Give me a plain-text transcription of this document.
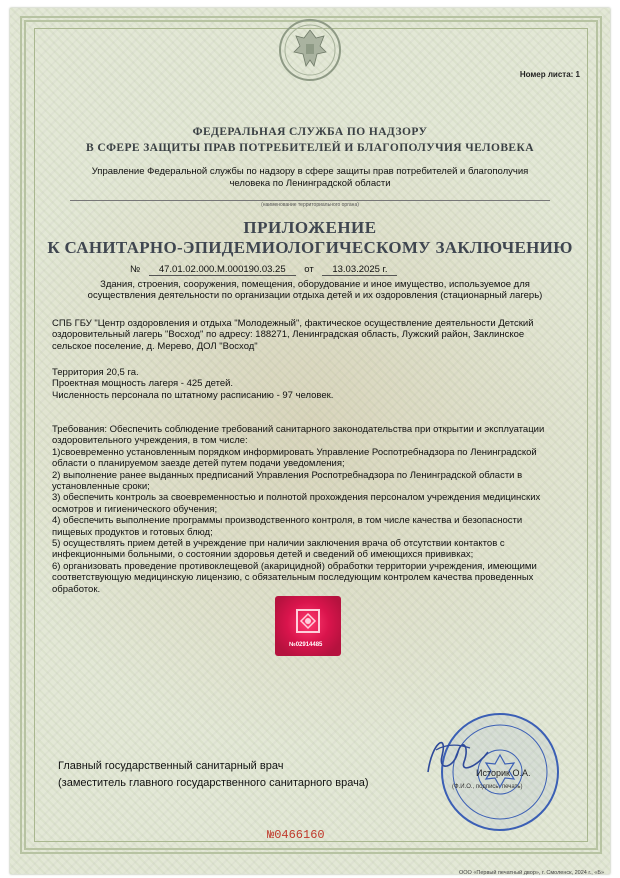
Номер листа: 1
ФЕДЕРАЛЬНАЯ СЛУЖБА ПО НАДЗОРУ
В СФЕРЕ ЗАЩИТЫ ПРАВ ПОТРЕБИТЕЛЕЙ И БЛАГОПОЛУЧИЯ ЧЕЛОВЕКА
Управление Федеральной службы по надзору в сфере защиты прав потребителей и благополучия
человека по Ленинградской области
(наименование территориального органа)
ПРИЛОЖЕНИЕ
К САНИТАРНО-ЭПИДЕМИОЛОГИЧЕСКОМУ ЗАКЛЮЧЕНИЮ
№ 47.01.02.000.М.000190.03.25 от 13.03.2025 г.
Здания, строения, сооружения, помещения, оборудование и иное имущество, используемое для
осуществления деятельности по организации отдыха детей и их оздоровления (стационарный лагерь)
СПБ ГБУ "Центр оздоровления и отдыха "Молодежный", фактическое осуществление деятельности Детский
оздоровительный лагерь "Восход" по адресу: 188271, Ленинградская область, Лужский район, Заклинское
сельское поселение, д. Мерево, ДОЛ "Восход"
Территория 20,5 га.
Проектная мощность лагеря - 425 детей.
Численность персонала по штатному расписанию - 97 человек.
Требования: Обеспечить соблюдение требований санитарного законодательства при открытии и эксплуатации
оздоровительного учреждения, в том числе:
1)своевременно установленным порядком информировать Управление Роспотребнадзора по Ленинградской
области о планируемом заезде детей путем подачи уведомления;
2) выполнение ранее выданных предписаний Управления Роспотребнадзора по Ленинградской области в
установленные сроки;
3) обеспечить контроль за своевременностью и полнотой прохождения персоналом учреждения медицинских
осмотров и гигиенического обучения;
4) обеспечить выполнение программы производственного контроля, в том числе качества и безопасности
пищевых продуктов и готовых блюд;
5) осуществлять прием детей в учреждение при наличии заключения врача об отсутствии контактов с
инфекционными больными, о состоянии здоровья детей и сведений об имеющихся прививках;
6) организовать проведение противоклещевой (акарицидной) обработки территории учреждения, имеющими
соответствующую медицинскую лицензию, с обязательным последующим контролем качества проведенных
обработок.
№02914485
Главный государственный санитарный врач
(заместитель главного государственного санитарного врача)
Историк О.А.
(Ф.И.О., подпись, печать)
№0466160
ООО «Первый печатный двор», г. Смоленск, 2024 г., «Б»
